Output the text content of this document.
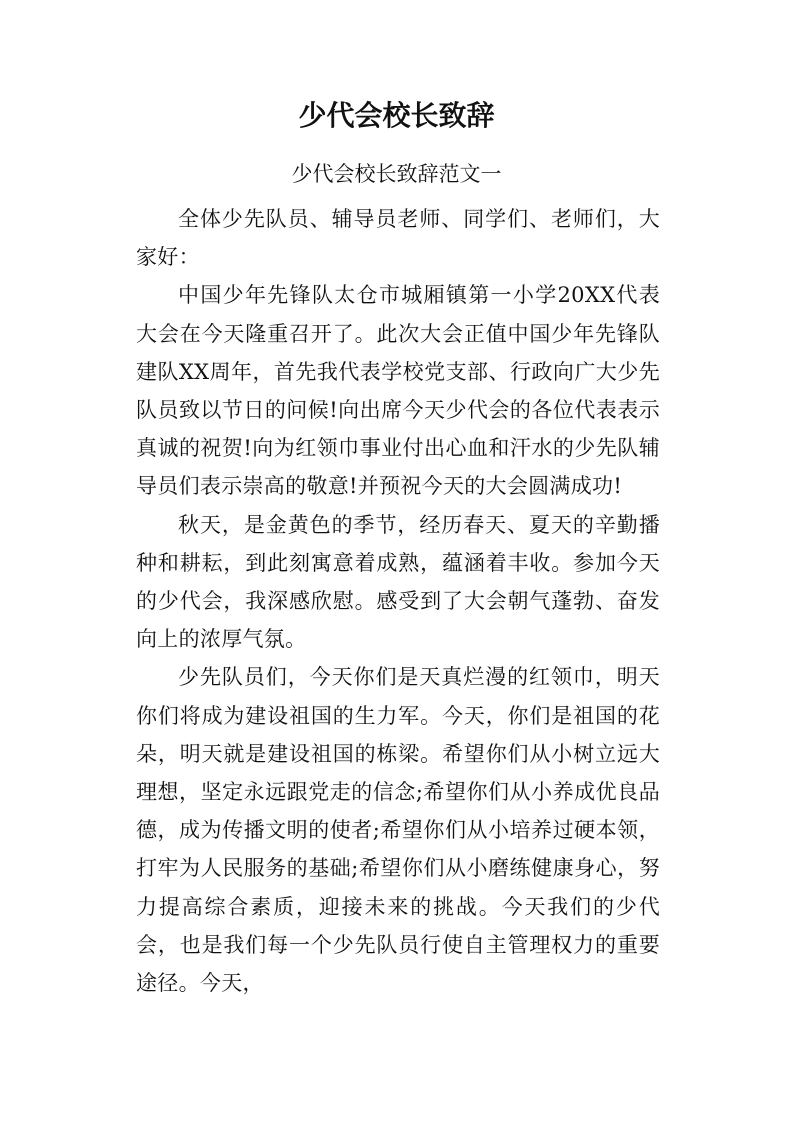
少代会校长致辞

少代会校长致辞范文一

全体少先队员、辅导员老师、同学们、老师们，大家好：

中国少年先锋队太仓市城厢镇第一小学20XX代表大会在今天隆重召开了。此次大会正值中国少年先锋队建队XX周年，首先我代表学校党支部、行政向广大少先队员致以节日的问候!向出席今天少代会的各位代表表示真诚的祝贺!向为红领巾事业付出心血和汗水的少先队辅导员们表示崇高的敬意!并预祝今天的大会圆满成功!

秋天，是金黄色的季节，经历春天、夏天的辛勤播种和耕耘，到此刻寓意着成熟，蕴涵着丰收。参加今天的少代会，我深感欣慰。感受到了大会朝气蓬勃、奋发向上的浓厚气氛。

少先队员们，今天你们是天真烂漫的红领巾，明天你们将成为建设祖国的生力军。今天，你们是祖国的花朵，明天就是建设祖国的栋梁。希望你们从小树立远大理想，坚定永远跟党走的信念;希望你们从小养成优良品德，成为传播文明的使者;希望你们从小培养过硬本领，打牢为人民服务的基础;希望你们从小磨练健康身心，努力提高综合素质，迎接未来的挑战。今天我们的少代会，也是我们每一个少先队员行使自主管理权力的重要途径。今天，
